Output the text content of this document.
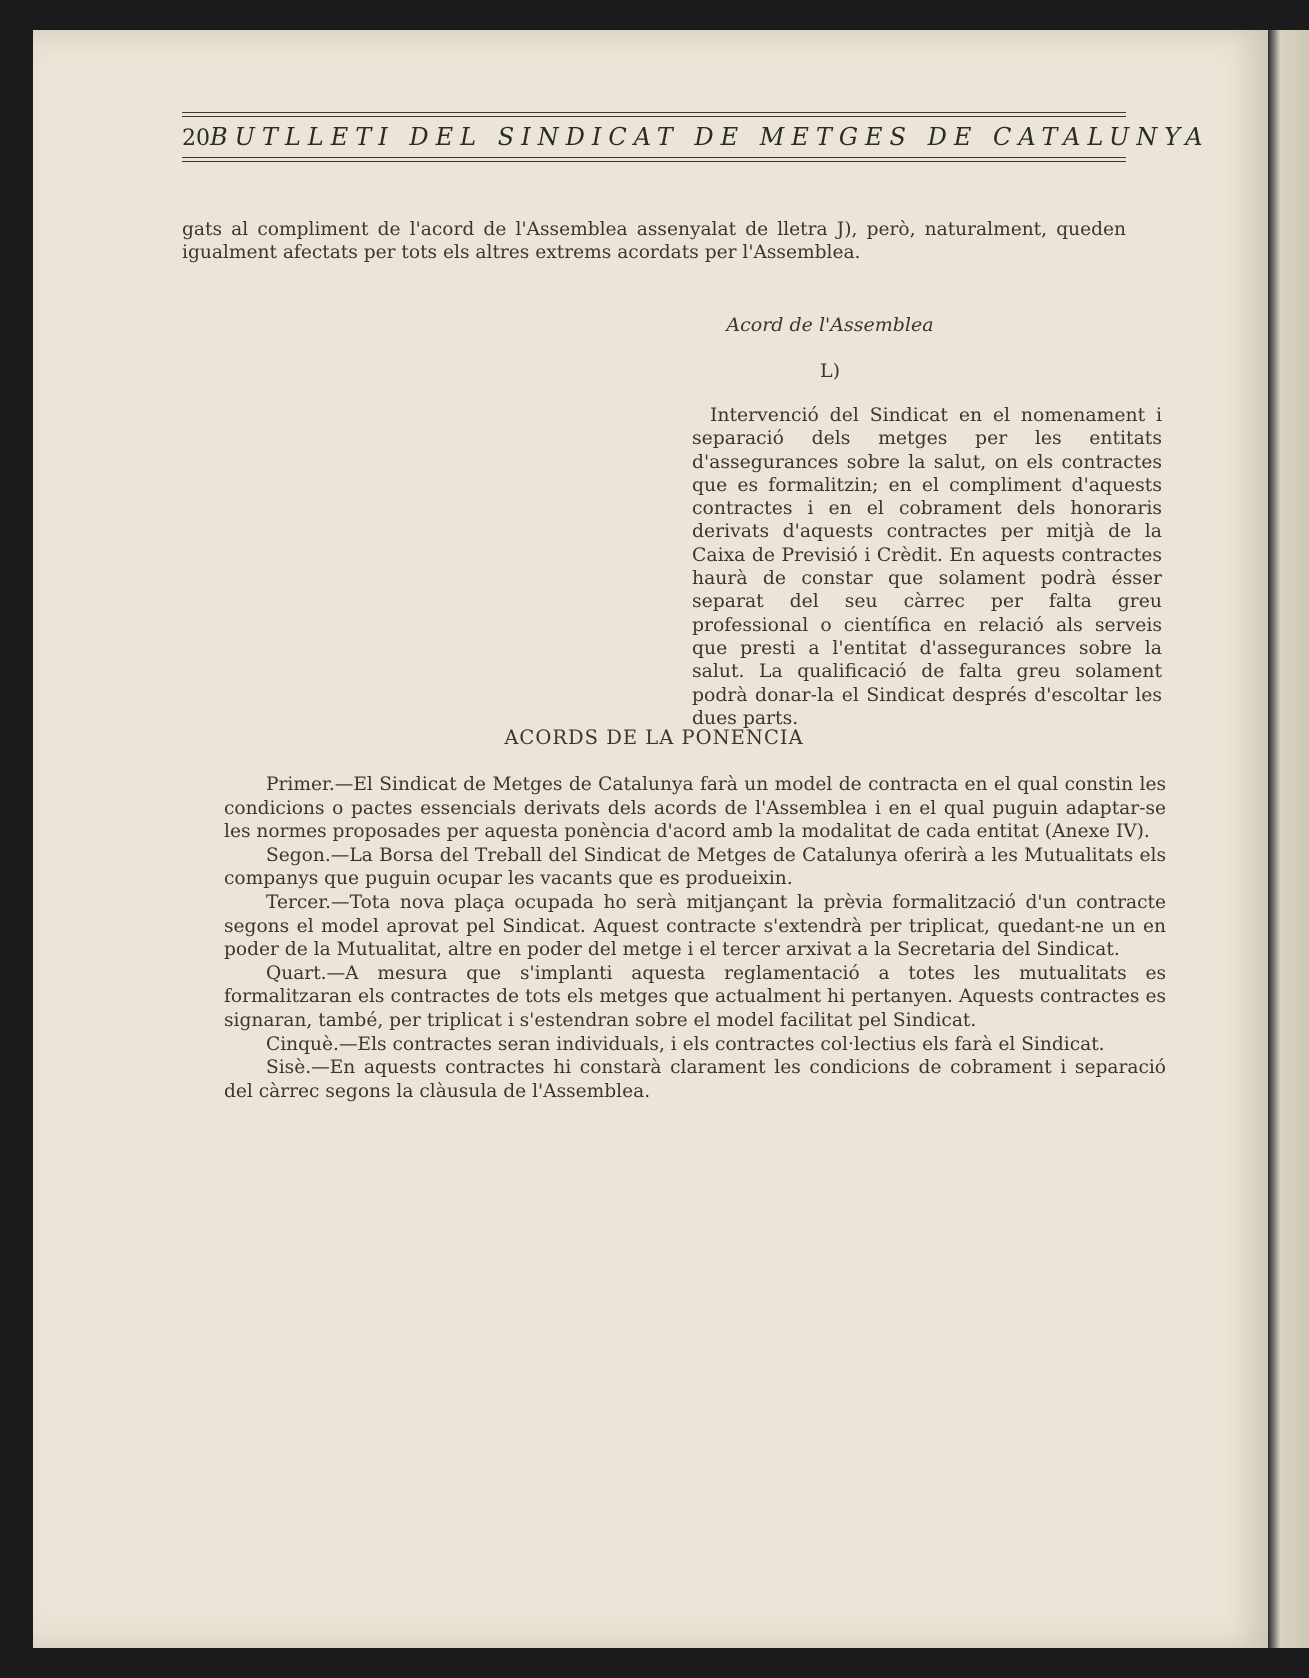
20 BUTLLETI DEL SINDICAT DE METGES DE CATALUNYA

gats al compliment de l'acord de l'Assemblea assenyalat de lletra J), però, naturalment, queden igualment afectats per tots els altres extrems acordats per l'Assemblea.

Acord de l'Assemblea
L)

Intervenció del Sindicat en el nomenament i separació dels metges per les entitats d'assegurances sobre la salut, on els contractes que es formalitzin; en el compliment d'aquests contractes i en el cobrament dels honoraris derivats d'aquests contractes per mitjà de la Caixa de Previsió i Crèdit. En aquests contractes haurà de constar que solament podrà ésser separat del seu càrrec per falta greu professional o científica en relació als serveis que presti a l'entitat d'assegurances sobre la salut. La qualificació de falta greu solament podrà donar-la el Sindicat després d'escoltar les dues parts.

ACORDS DE LA PONENCIA

Primer.—El Sindicat de Metges de Catalunya farà un model de contracta en el qual constin les condicions o pactes essencials derivats dels acords de l'Assemblea i en el qual puguin adaptar-se les normes proposades per aquesta ponència d'acord amb la modalitat de cada entitat (Anexe IV).

Segon.—La Borsa del Treball del Sindicat de Metges de Catalunya oferirà a les Mutualitats els companys que puguin ocupar les vacants que es produeixin.

Tercer.—Tota nova plaça ocupada ho serà mitjançant la prèvia formalització d'un contracte segons el model aprovat pel Sindicat. Aquest contracte s'extendrà per triplicat, quedant-ne un en poder de la Mutualitat, altre en poder del metge i el tercer arxivat a la Secretaria del Sindicat.

Quart.—A mesura que s'implanti aquesta reglamentació a totes les mutualitats es formalitzaran els contractes de tots els metges que actualment hi pertanyen. Aquests contractes es signaran, també, per triplicat i s'estendran sobre el model facilitat pel Sindicat.

Cinquè.—Els contractes seran individuals, i els contractes col·lectius els farà el Sindicat.

Sisè.—En aquests contractes hi constarà clarament les condicions de cobrament i separació del càrrec segons la clàusula de l'Assemblea.
